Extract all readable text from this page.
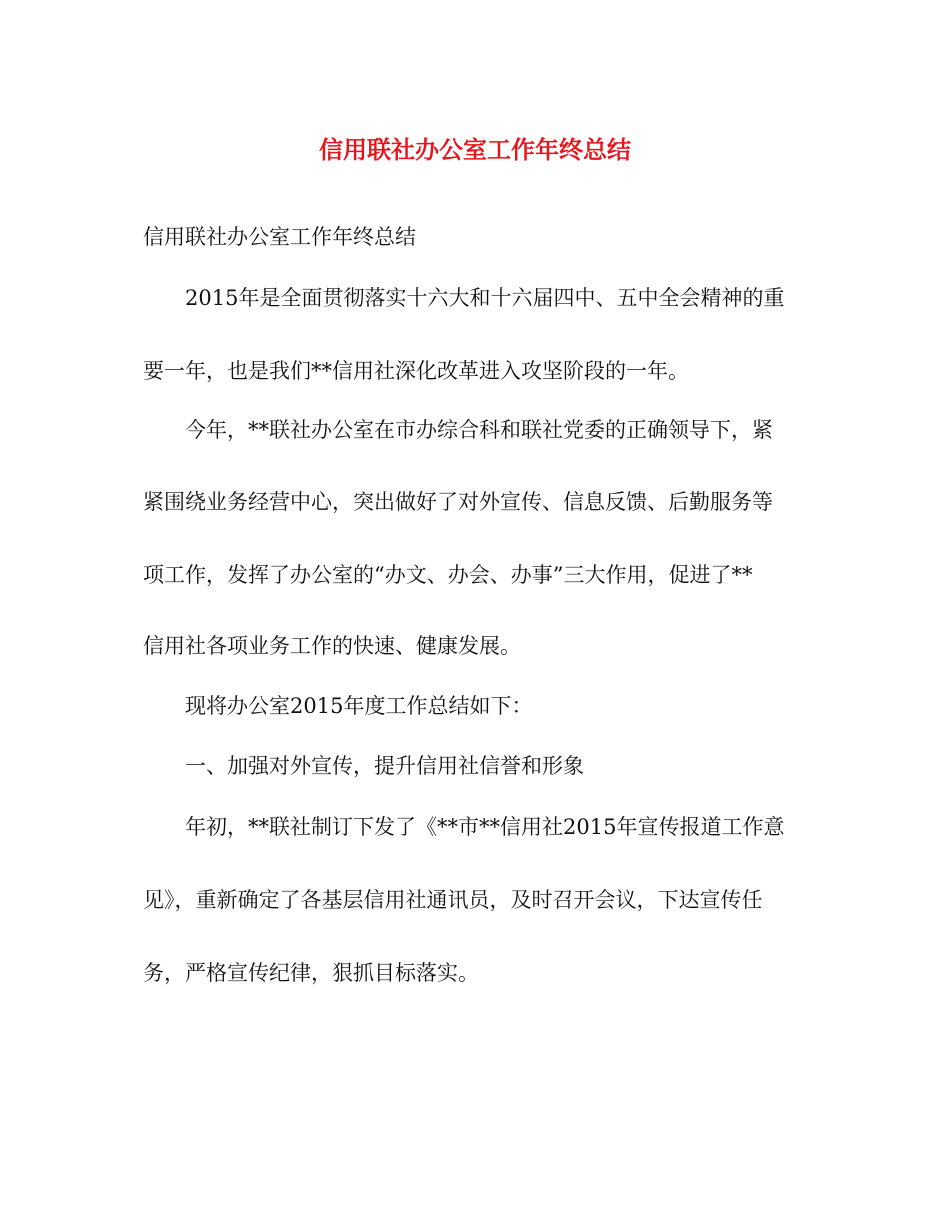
信用联社办公室工作年终总结
信用联社办公室工作年终总结
2015年是全面贯彻落实十六大和十六届四中、五中全会精神的重
要一年，也是我们**信用社深化改革进入攻坚阶段的一年。
今年，**联社办公室在市办综合科和联社党委的正确领导下，紧
紧围绕业务经营中心，突出做好了对外宣传、信息反馈、后勤服务等
项工作，发挥了办公室的“办文、办会、办事”三大作用，促进了**
信用社各项业务工作的快速、健康发展。
现将办公室2015年度工作总结如下：
一、加强对外宣传，提升信用社信誉和形象
年初，**联社制订下发了《**市**信用社2015年宣传报道工作意
见》，重新确定了各基层信用社通讯员，及时召开会议，下达宣传任
务，严格宣传纪律，狠抓目标落实。
